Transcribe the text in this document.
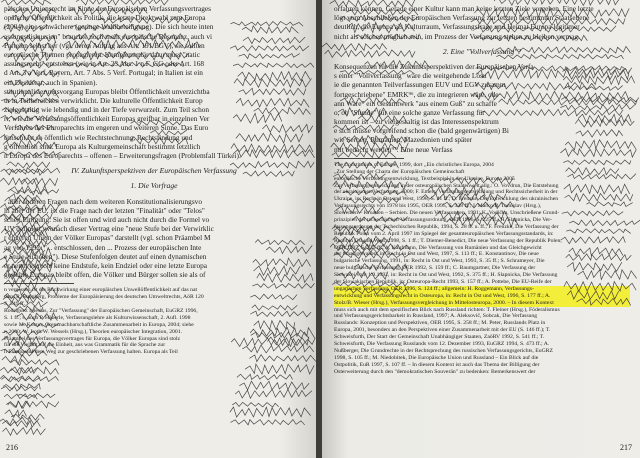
päisches Unionsrecht im Sinne des Europäischen Verfassungsvertrages
opäische Öffentlichkeit als Politik, die letzte Direktwahl zum Europa
(2004) eine schwächere (geringe Wahlbeteiligung). Die sich heute inten
assungsdiskussion" brauchte noch mehr europäische Resonanz, auch vi
Parteien selbst her (vgl. deren Auftrag aus Art. 191 EGV), sie sollten
europäische Themen propagieren. Komplementär dazu muss "natic
assungsrecht" entstehen (wie in Art. 23 Abs. 1 n.F. GG oder Art. 168
d Art. 3 a Verf. Bayern, Art. 7 Abs. 5 Verf. Portugal; in Italien ist ein
ein Desiderat, auch in Spanien).
stitutionalisierungsvorgang Europas bleibt Öffentlichkeit unverzichtba
ur in Teilbereichen verwirklicht. Die kulturelle Öffentlichkeit Europ
zielgestaltig wie lebendig und in der Tiefe verwurzelt. Zum Teil schon
rt, wie die Verfassungsöffentlichkeit Europas greifbar in einzelnen Ver
Verfahren des Europarechts im engeren und weiteren Sinne. Das Euro
timscht ist so öffentlich wie Rechtstechnung, Rechtsfindung und
g öffentlich sind. Europa als Kulturgemeinschaft bestimmt letztlich
n Europa des Europarechts – offenen – Erweiterungsfragen (Problemfall Türkei).
IV. Zukunftsperspektiven der Europäischen Verfassung
1. Die Vorfrage
: aller anderen Fragen nach dem weiteren Konstitutionalisierungsvo
ln aber der EU, ist die Frage nach der letzten "Finalität" oder "Telos"
schen Einigung. Sie ist offen und wird auch nicht durch die Formel vo
UV definiert, wonach dieser Vertrag eine "neue Stufe bei der Verwirklic
r engeren Union der Völker Europas" darstellt (vgl. schon Präambel M
ag von 1992: "... entschlossen, den ... Prozess der europäischen Inte
e Stufe zu heben"). Diese Stufenfolgen deutet auf einen dynamischen
er nennt es recht keine Endstufe, kein Endziel oder eine letzte Europa
gesichte Europas bleibt offen, die Völker und Bürger sollen sie als of
n vergessen ist die Rückwirkung einer europäischen Unwellöffentlichkeit auf das nat
dazu R. Steinberg, Probleme der Europäisierung des deutschen Umweltrechts, AöR 120
S. 549 ff.
Rodríguez Iglesias, Zur "Verfassung" der Europäischen Gemeinschaft, EuGRZ 1996,
S. 1 ff.; s. auch P. Häberle, Verfassungslehre als Kulturwissenschaft, 2. Aufl. 1998
sowie M. Kotzur, Grenznachbarschaftliche Zusammenarbeit in Europa, 2004; siehe
r, 2000; W. Loth/W. Wessels (Hrsg.), Theorien europäischer Integration, 2001.
Präambel des Verfassungsvertrages für Europa, die Völker Europas sind stolz
für die Vielfalt auf die Einheit, aus was Grammatik für die Sprache zur
h Europa auf dem Weg zur geschriebenen Verfassung halten. Europa als Teil
216
orfahren können. Gerade einer Kultur kann man keine letzten Ziele vorgeben. Eine letzte
lögt vom Abschließen der Europäischen Verfassung zur letzten bestimmten Staatsebene
deutlich, die Europa als Kulturraum, Verfassungsfrage und Heimat Europa legitimer
nicht als solches möglich sein, im Prozess der Verfassung stehen zu bleiben vermag.
2. Eine "Vollverfassung"?
Konsequenzen für die Zukunftsperspektiven der Europäischen Verfa
s einer "Vollverfassung" wäre die weitgehende Lösu
ie die genannten Teilverfassungen EUV und EGV zusamm
fortgeschriebene" EMRK⁹⁶, die zu integrieren wäre, ode
ann Ware" ein Gesamtwerk "aus einem Guß" zu schaffe
o, ob "Stunde" für eine solche ganze Verfassung für
kommen ist – zu vielgestaltig ist das Interessenspektrum
e sich müsse vorgreifend schon die (bald gegenwärtigen) Bi
wie Serben, Rumänien, Mazedonien und später
mit bedacht werden⁹⁷. Eine neue Verfass
The Constitution of Europe, 1999, dort „Ein christliches Europa, 2004
„Zur Stellung der Charta der Europäischen Gemeinschaft
europäische Verfassungsentwicklung, Textbeispiel in der Ukraine, Europa 2005
Zur Verfassungsentwicklung in der osteuropäischen Staatenwelt allg.: O. Vovdrun, Die Entstehung
der ukrainischen Verfassung, 2000; F. Emers, Verfassungsentwicklung und Rechtssicherheit in der
Ukraine, in: Recht in Ost und West, 1998, S. 41 ff.; D. Frenzke, Die Entwicklung des ukrainischen
Verfassungsrechts von 1978 bis 1995, OER 1995, S. 338 ff.; J. Marko/B. Tomislav (Hrsg.),
Slowenien – Kroatien – Serbien. Die neuen Verfassungen, 1991; K. Vodička, Unschrießene Grund-
prinzipien der tschechischen Verfassungsordnung, OER 1996, S. 225 ff.; H. Slapnicka, Die Ver-
fassungsordnung der Tschechischen Republik, 1994, S. 28 ff. u. ff.; F. Frenzke, Die Verfassung der
Republik Polen vom 2. April 1997 im Spiegel der gesamteuropäischen Verfassungsstandards, in:
Recht in Ost und West, 1998, S. 1 ff.; T. Diemer-Benedict, Die neue Verfassung der Republik Polen,
OER 1997, S. 225 ff.; A. Kaufmann, Die Verfassung von Rumänien und das Gleichgewicht
der Staatsgewalten, in: Recht in Ost und West, 1997, S. 113 ff.; E. Konstantinov, Die neue
bulgarische Verfassung, 1991, in: Recht in Ost und West, 1993, S. 35 ff.; S. Schrameyer, Die
neue bulgarische Verfassung, OER 1992, S. 159 ff.; C. Baumgartner, Die Verfassung der
Slowakei vom 1.9.1992, in: Recht in Ost und West, 1992, S. 375 ff.; H. Slapnicka, Die Verfassung
der Slowakischen Republik, in: Osteuropa-Recht 1993, S. 157 ff.; A. Pottebe, Die EU-Reife der
ungarischen Verfassung, OER 1996, S. 124 ff.; allgemein: H. Roggemann, Verfassungs-
entwicklung und Verfassungsrecht in Osteuropa, in: Recht in Ost und West, 1996, S. 177 ff.; A.
Stolz/B. Wieser (Hrsg.), Verfassungsvergleichung in Mittelosteuropa, 2000. – In diesem Kontext
muss sich auch mit dem spezifischen Blick nach Russland richten: T. Fleiner (Hrsg.), Föderalismus
und Verfassungsgerichtsbarkeit in Russland, 1997; A. Aleksovič, Sobcak, Die Verfassung
Russlands: Konzeption und Perspektiven, OER 1995, S. 258 ff.; M. Peter, Russlands Platz in
Europa, 2001, besonders an den Perspektiven einer Zusammenarbeit mit der EU (S. 146 ff.); T.
Schweisfurth, Der Start der Gemeinschaft Unabhängiger Staaten, ZaöRV 1992, S. 541 ff.; T.
Schweisfurth, Die Verfassung Russlands vom 12. Dezember 1993, EuGRZ 1994, S. 473 ff.; A.
Nußberger, Die Grundrechte in der Rechtsprechung des russischen Verfassungsgerichts, EuGRZ
1998, S. 105 ff.; M. Niedobitek, Die Europäische Union und Russland – Ein Blick auf die
Ostpolitik, EuR 1997, S. 107 ff. – In diesem Kontext ist auch das Thema der Billigung der
Osterweiterung durch den "demokratischen Souverän" zu bedenken: Bemerkenswert der
217
